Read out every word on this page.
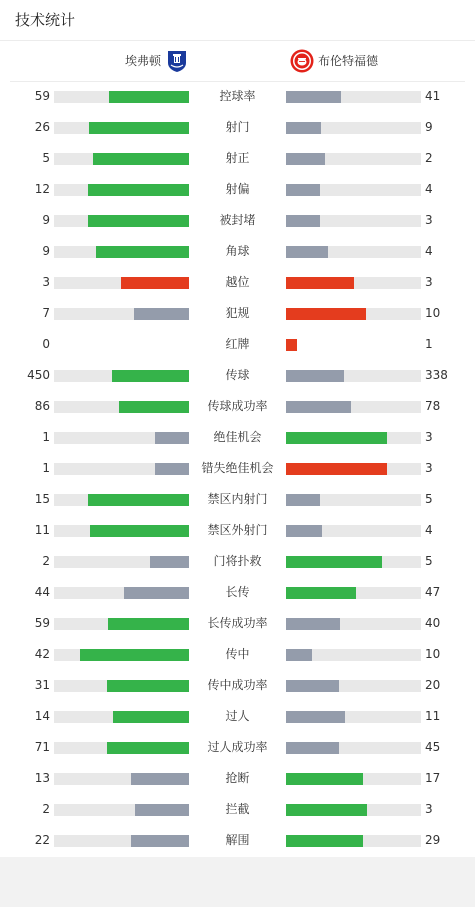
技术统计
埃弗顿	布伦特福德
59	控球率	41
26	射门	9
5	射正	2
12	射偏	4
9	被封堵	3
9	角球	4
3	越位	3
7	犯规	10
0	红牌	1
450	传球	338
86	传球成功率	78
1	绝佳机会	3
1	错失绝佳机会	3
15	禁区内射门	5
11	禁区外射门	4
2	门将扑救	5
44	长传	47
59	长传成功率	40
42	传中	10
31	传中成功率	20
14	过人	11
71	过人成功率	45
13	抢断	17
2	拦截	3
22	解围	29
